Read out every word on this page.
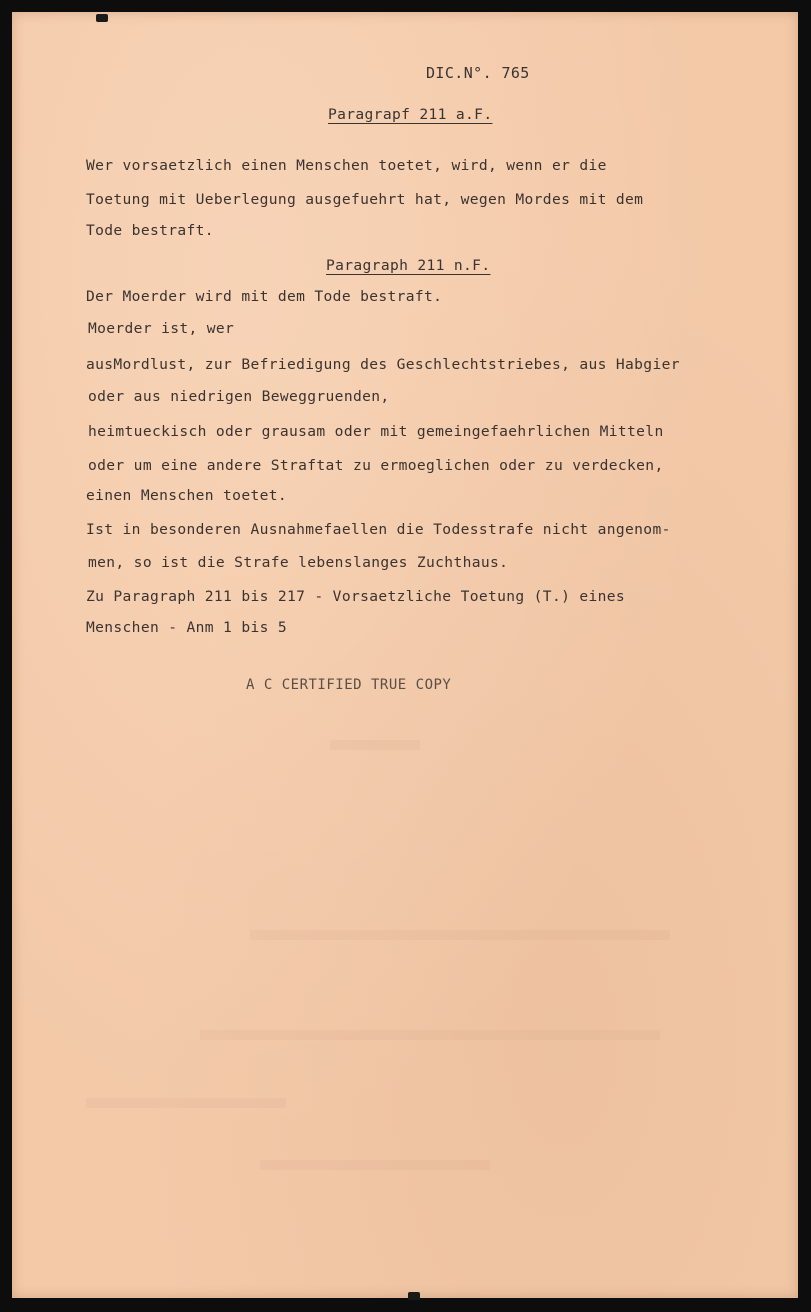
DIC.N°. 765
Paragrapf 211 a.F.
Wer vorsaetzlich einen Menschen toetet, wird, wenn er die
Toetung mit Ueberlegung ausgefuehrt hat, wegen Mordes mit dem
Tode bestraft.
Paragraph 211 n.F.
Der Moerder wird mit dem Tode bestraft.
Moerder ist, wer
ausMordlust, zur Befriedigung des Geschlechtstriebes, aus Habgier
oder aus niedrigen Beweggruenden,
heimtueckisch oder grausam oder mit gemeingefaehrlichen Mitteln
oder um eine andere Straftat zu ermoeglichen oder zu verdecken,
einen Menschen toetet.
Ist in besonderen Ausnahmefaellen die Todesstrafe nicht angenom-
men, so ist die Strafe lebenslanges Zuchthaus.
Zu Paragraph 211 bis 217 - Vorsaetzliche Toetung (T.) eines
Menschen - Anm 1 bis 5
A C CERTIFIED TRUE COPY
